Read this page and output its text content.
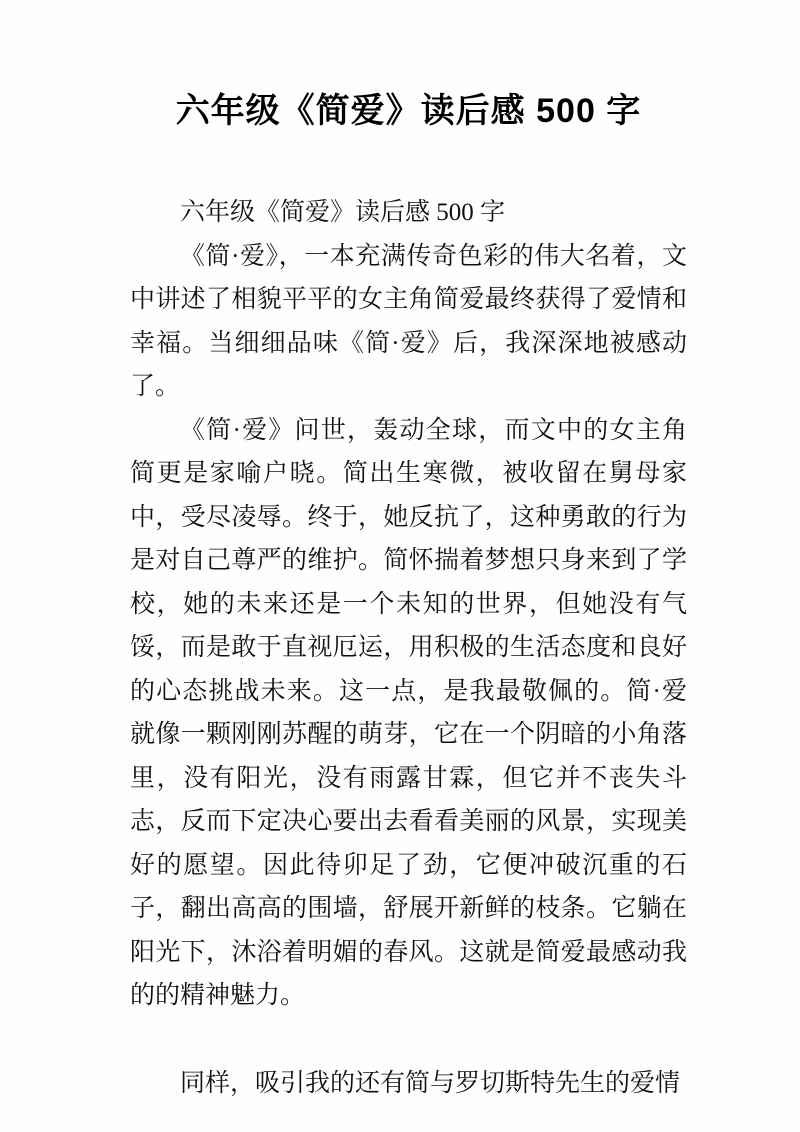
六年级《简爱》读后感 500 字

六年级《简爱》读后感 500 字

《简·爱》，一本充满传奇色彩的伟大名着，文中讲述了相貌平平的女主角简爱最终获得了爱情和幸福。当细细品味《简·爱》后，我深深地被感动了。

《简·爱》问世，轰动全球，而文中的女主角简更是家喻户晓。简出生寒微，被收留在舅母家中，受尽凌辱。终于，她反抗了，这种勇敢的行为是对自己尊严的维护。简怀揣着梦想只身来到了学校，她的未来还是一个未知的世界，但她没有气馁，而是敢于直视厄运，用积极的生活态度和良好的心态挑战未来。这一点，是我最敬佩的。简·爱就像一颗刚刚苏醒的萌芽，它在一个阴暗的小角落里，没有阳光，没有雨露甘霖，但它并不丧失斗志，反而下定决心要出去看看美丽的风景，实现美好的愿望。因此待卯足了劲，它便冲破沉重的石子，翻出高高的围墙，舒展开新鲜的枝条。它躺在阳光下，沐浴着明媚的春风。这就是简爱最感动我的的精神魅力。

同样，吸引我的还有简与罗切斯特先生的爱情
